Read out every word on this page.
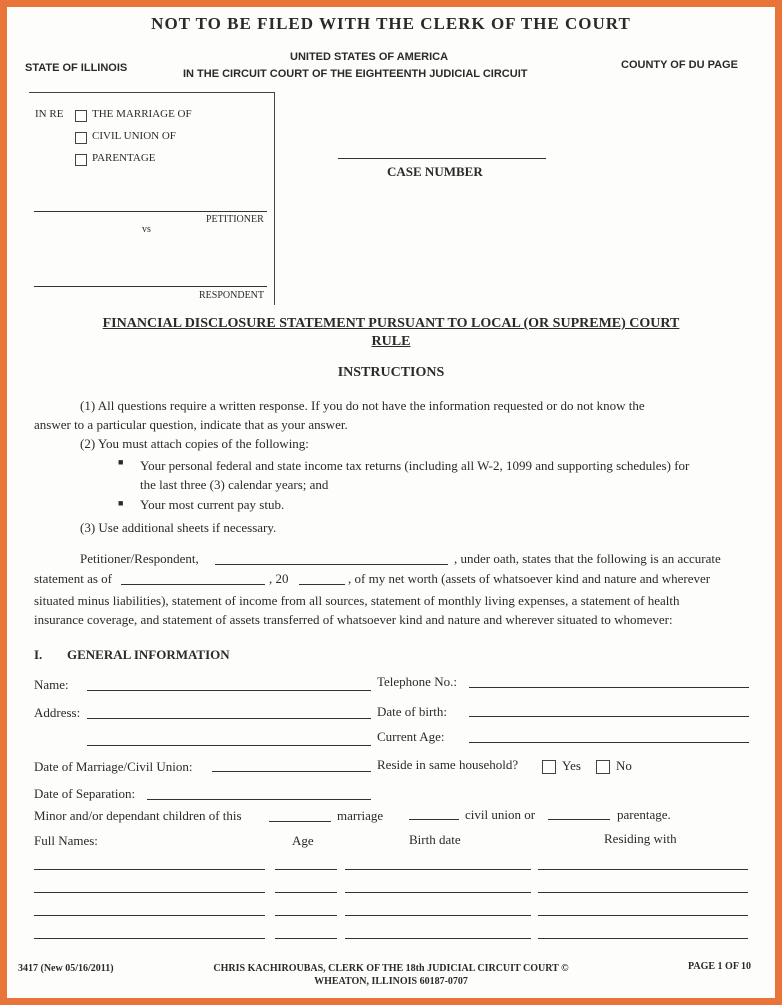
NOT TO BE FILED WITH THE CLERK OF THE COURT
STATE OF ILLINOIS
UNITED STATES OF AMERICA
IN THE CIRCUIT COURT OF THE EIGHTEENTH JUDICIAL CIRCUIT
COUNTY OF DU PAGE
IN RE	THE MARRIAGE OF
CIVIL UNION OF
PARENTAGE
PETITIONER
vs
RESPONDENT
CASE NUMBER
FINANCIAL DISCLOSURE STATEMENT PURSUANT TO LOCAL (OR SUPREME) COURT
RULE
INSTRUCTIONS
(1) All questions require a written response. If you do not have the information requested or do not know the
answer to a particular question, indicate that as your answer.
(2) You must attach copies of the following:
■ Your personal federal and state income tax returns (including all W-2, 1099 and supporting schedules) for
the last three (3) calendar years; and
■ Your most current pay stub.
(3) Use additional sheets if necessary.
Petitioner/Respondent,	, under oath, states that the following is an accurate
statement as of	, 20	, of my net worth (assets of whatsoever kind and nature and wherever
situated minus liabilities), statement of income from all sources, statement of monthly living expenses, a statement of health
insurance coverage, and statement of assets transferred of whatsoever kind and nature and wherever situated to whomever:
I. GENERAL INFORMATION
Name:	Telephone No.:
Address:	Date of birth:
Current Age:
Date of Marriage/Civil Union:	Reside in same household?	Yes	No
Date of Separation:
Minor and/or dependant children of this	marriage	civil union or	parentage.
Full Names:	Age	Birth date	Residing with
3417 (New 05/16/2011)	CHRIS KACHIROUBAS, CLERK OF THE 18th JUDICIAL CIRCUIT COURT ©
WHEATON, ILLINOIS 60187-0707
PAGE 1 OF 10
